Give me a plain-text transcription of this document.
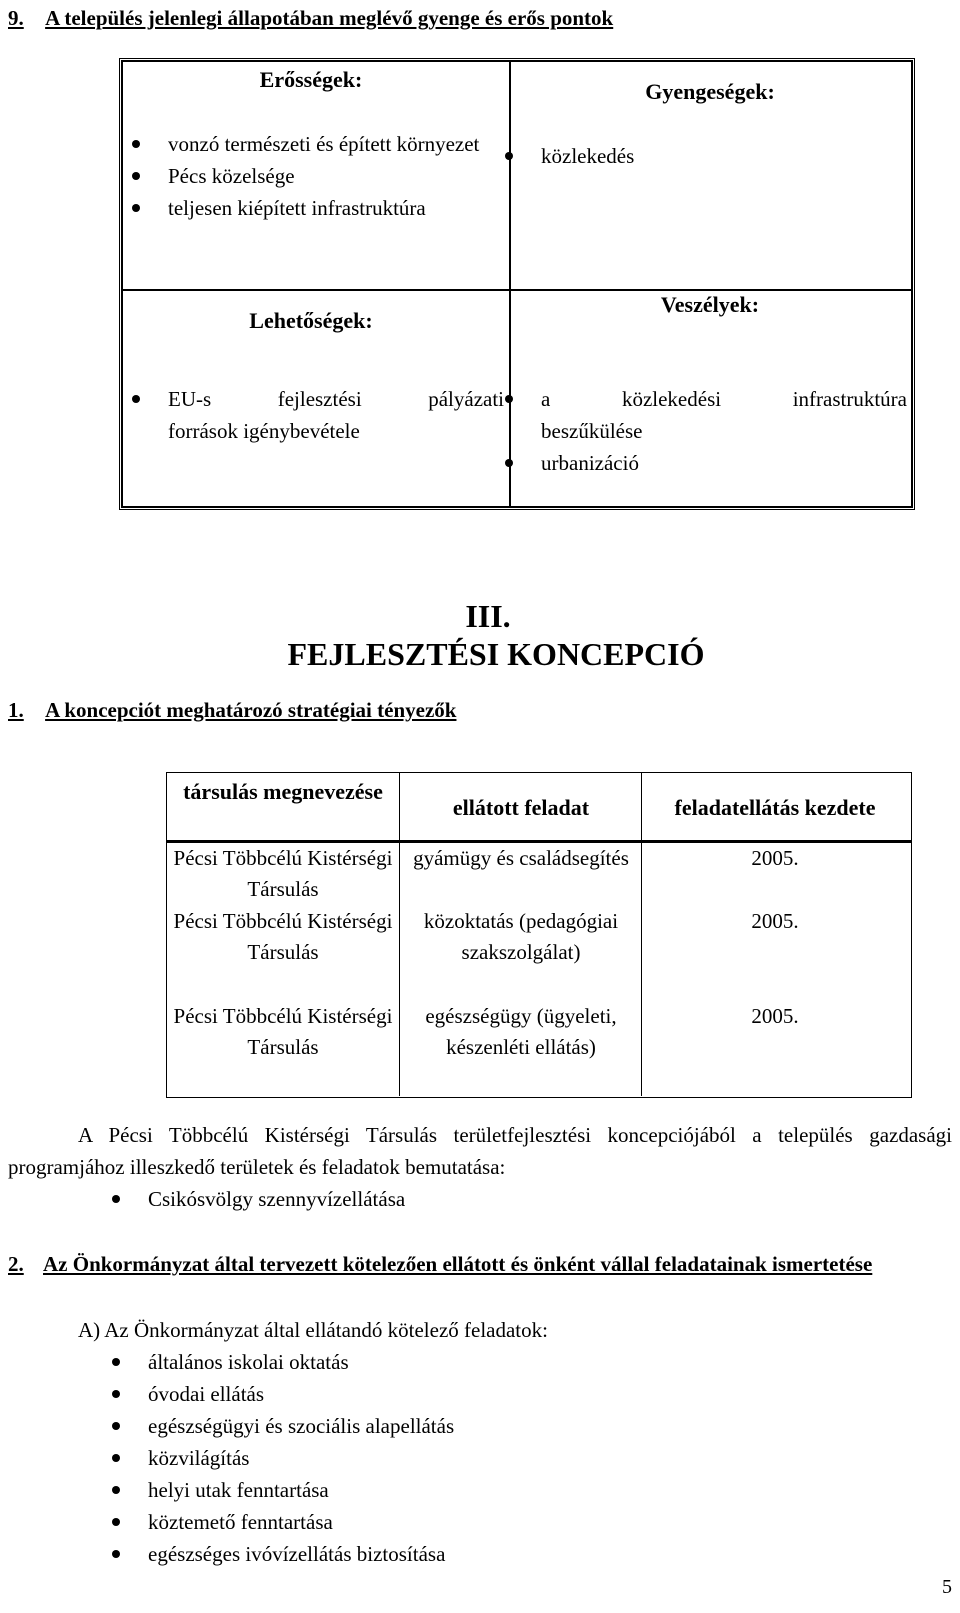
9. A település jelenlegi állapotában meglévő gyenge és erős pontok
Erősségek:
vonzó természeti és épített környezet
Pécs közelsége
teljesen kiépített infrastruktúra
Gyengeségek:
közlekedés
Lehetőségek:
EU-s fejlesztési pályázati
források igénybevétele
Veszélyek:
a közlekedési infrastruktúra
beszűkülése
urbanizáció
III.
FEJLESZTÉSI KONCEPCIÓ
1. A koncepciót meghatározó stratégiai tényezők
társulás megnevezése
ellátott feladat	feladatellátás kezdete
Pécsi Többcélú Kistérségi Társulás
gyámügy és családsegítés	2005.
Pécsi Többcélú Kistérségi Társulás
közoktatás (pedagógiai szakszolgálat)
2005.
Pécsi Többcélú Kistérségi Társulás
egészségügy (ügyeleti, készenléti ellátás)
2005.

A Pécsi Többcélú Kistérségi Társulás területfejlesztési koncepciójából a település gazdasági programjához illeszkedő területek és feladatok bemutatása:

Csikósvölgy szennyvízellátása
2. Az Önkormányzat által tervezett kötelezően ellátott és önként vállal feladatainak ismertetése
A) Az Önkormányzat által ellátandó kötelező feladatok:
általános iskolai oktatás
óvodai ellátás
egészségügyi és szociális alapellátás
közvilágítás
helyi utak fenntartása
köztemető fenntartása
egészséges ivóvízellátás biztosítása
5
